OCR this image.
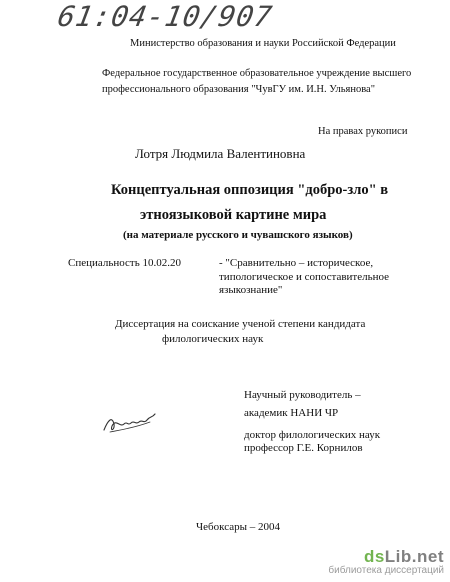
61:04-10/907

Министерство образования и науки Российской Федерации

Федеральное государственное образовательное учреждение высшего

профессионального образования "ЧувГУ им. И.Н. Ульянова"

На правах рукописи

Лотря Людмила Валентиновна

Концептуальная оппозиция "добро-зло" в

этноязыковой картине мира

(на материале русского и чувашского языков)

Специальность 10.02.20	- "Сравнительно – историческое,
типологическое и сопоставительное
языкознание"

Диссертация на соискание ученой степени кандидата

филологических наук

Научный руководитель –

академик НАНИ ЧР

доктор филологических наук

профессор Г.Е. Корнилов

Чебоксары – 2004

dsLib.net
библиотека диссертаций
